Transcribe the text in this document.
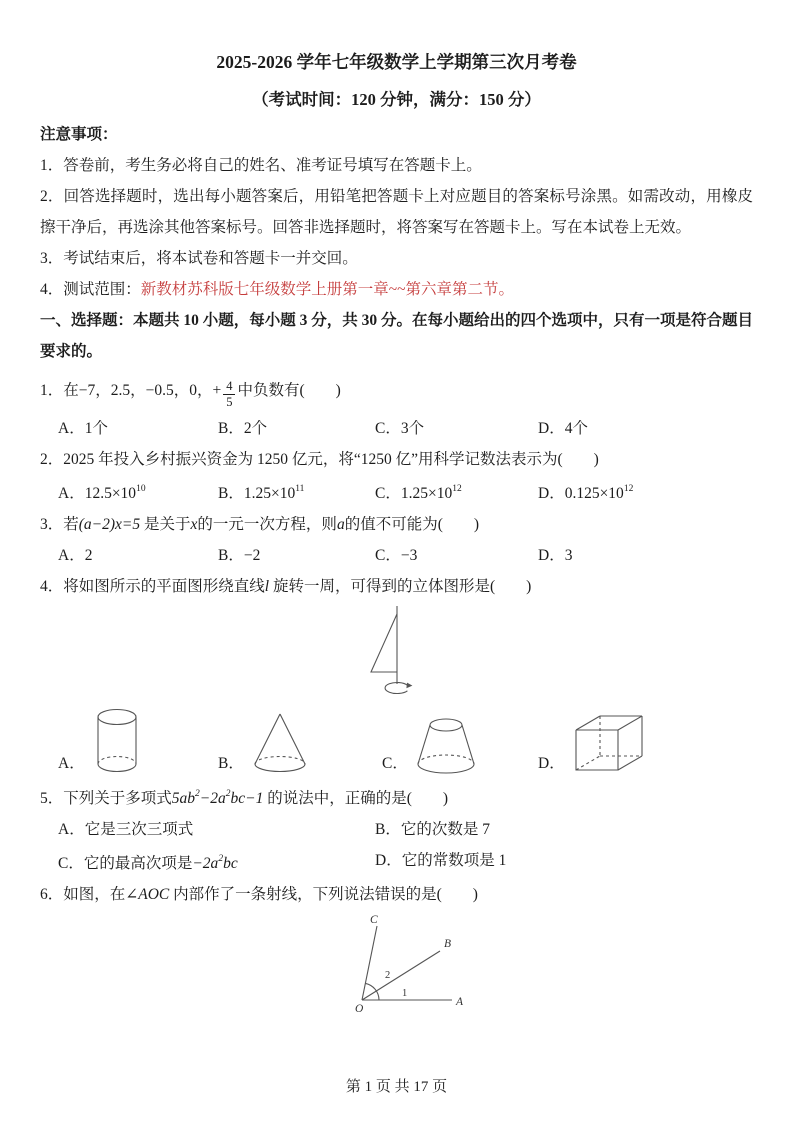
2025-2026 学年七年级数学上学期第三次月考卷

（考试时间：120 分钟，满分：150 分）

注意事项：

1．答卷前，考生务必将自己的姓名、准考证号填写在答题卡上。

2．回答选择题时，选出每小题答案后，用铅笔把答题卡上对应题目的答案标号涂黑。如需改动，用橡皮擦干净后，再选涂其他答案标号。回答非选择题时，将答案写在答题卡上。写在本试卷上无效。

3．考试结束后，将本试卷和答题卡一并交回。

4．测试范围：新教材苏科版七年级数学上册第一章~~第六章第二节。

一、选择题：本题共 10 小题，每小题 3 分，共 30 分。在每小题给出的四个选项中，只有一项是符合题目要求的。

1．在−7，2.5，−0.5，0，+ $\frac{4}{5}$ 中负数有(　　)

A．1个	B．2个	C．3个	D．4个

2．2025 年投入乡村振兴资金为 1250 亿元，将“1250 亿”用科学记数法表示为(　　)

A．$12.5\times 10^{10}$	B．$1.25\times 10^{11}$	C．$1.25\times 10^{12}$	D．$0.125\times 10^{12}$

3．若(a−2)x=5 是关于x的一元一次方程，则a的值不可能为(　　)

A．2	B．−2	C．−3	D．3

4．将如图所示的平面图形绕直线l 旋转一周，可得到的立体图形是(　　)

A．	B．	C．	D．

5．下列关于多项式$5ab^2-2a^2bc-1$ 的说法中，正确的是(　　)

A．它是三次三项式	B．它的次数是 7
C．它的最高次项是$-2a^2bc$	D．它的常数项是 1

6．如图，在∠AOC 内部作了一条射线，下列说法错误的是(　　)

O
A
B
C
1
2
第 1 页 共 17 页
